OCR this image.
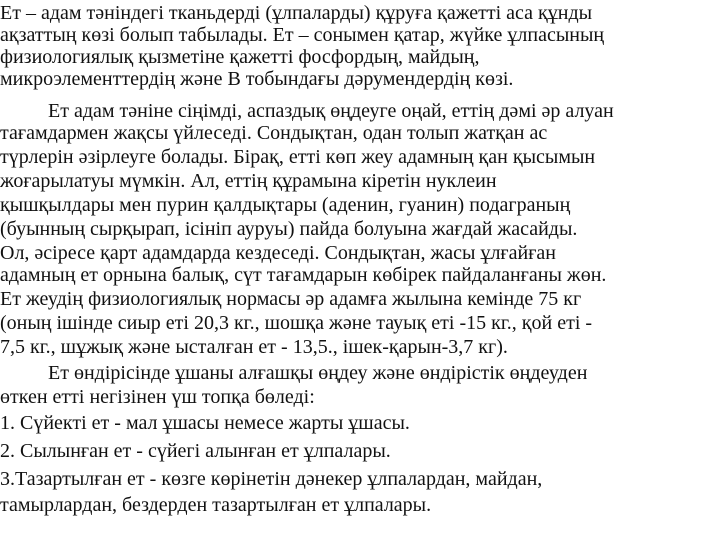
Ет – адам тәніндегі тканьдерді (ұлпаларды) құруға қажетті аса құнды
ақзаттың көзі болып табылады. Ет – сонымен қатар, жүйке ұлпасының
физиологиялық қызметіне қажетті фосфордың, майдың,
микроэлементтердің және В тобындағы дәрумендердің көзі.
Ет адам тәніне сіңімді, аспаздық өңдеуге оңай, еттің дәмі әр алуан
тағамдармен жақсы үйлеседі. Сондықтан, одан толып жатқан ас
түрлерін әзірлеуге болады. Бірақ, етті көп жеу адамның қан қысымын
жоғарылатуы мүмкін. Ал, еттің құрамына кіретін нуклеин
қышқылдары мен пурин қалдықтары (аденин, гуанин) подаграның
(буынның сырқырап, ісініп ауруы) пайда болуына жағдай жасайды.
Ол, әсіресе қарт адамдарда кездеседі. Сондықтан, жасы ұлғайған
адамның ет орнына балық, сүт тағамдарын көбірек пайдаланғаны жөн.
Ет жеудің физиологиялық нормасы әр адамға жылына кемінде 75 кг
(оның ішінде сиыр еті 20,3 кг., шошқа және тауық еті -15 кг., қой еті -
7,5 кг., шұжық және ысталған ет - 13,5., ішек-қарын-3,7 кг).
Ет өндірісінде ұшаны алғашқы өңдеу және өндірістік өңдеуден
өткен етті негізінен үш топқа бөледі:
1. Сүйекті ет - мал ұшасы немесе жарты ұшасы.
2. Сылынған ет - сүйегі алынған ет ұлпалары.
3.Тазартылған ет - көзге көрінетін дәнекер ұлпалардан, майдан,
тамырлардан, бездерден тазартылған ет ұлпалары.
